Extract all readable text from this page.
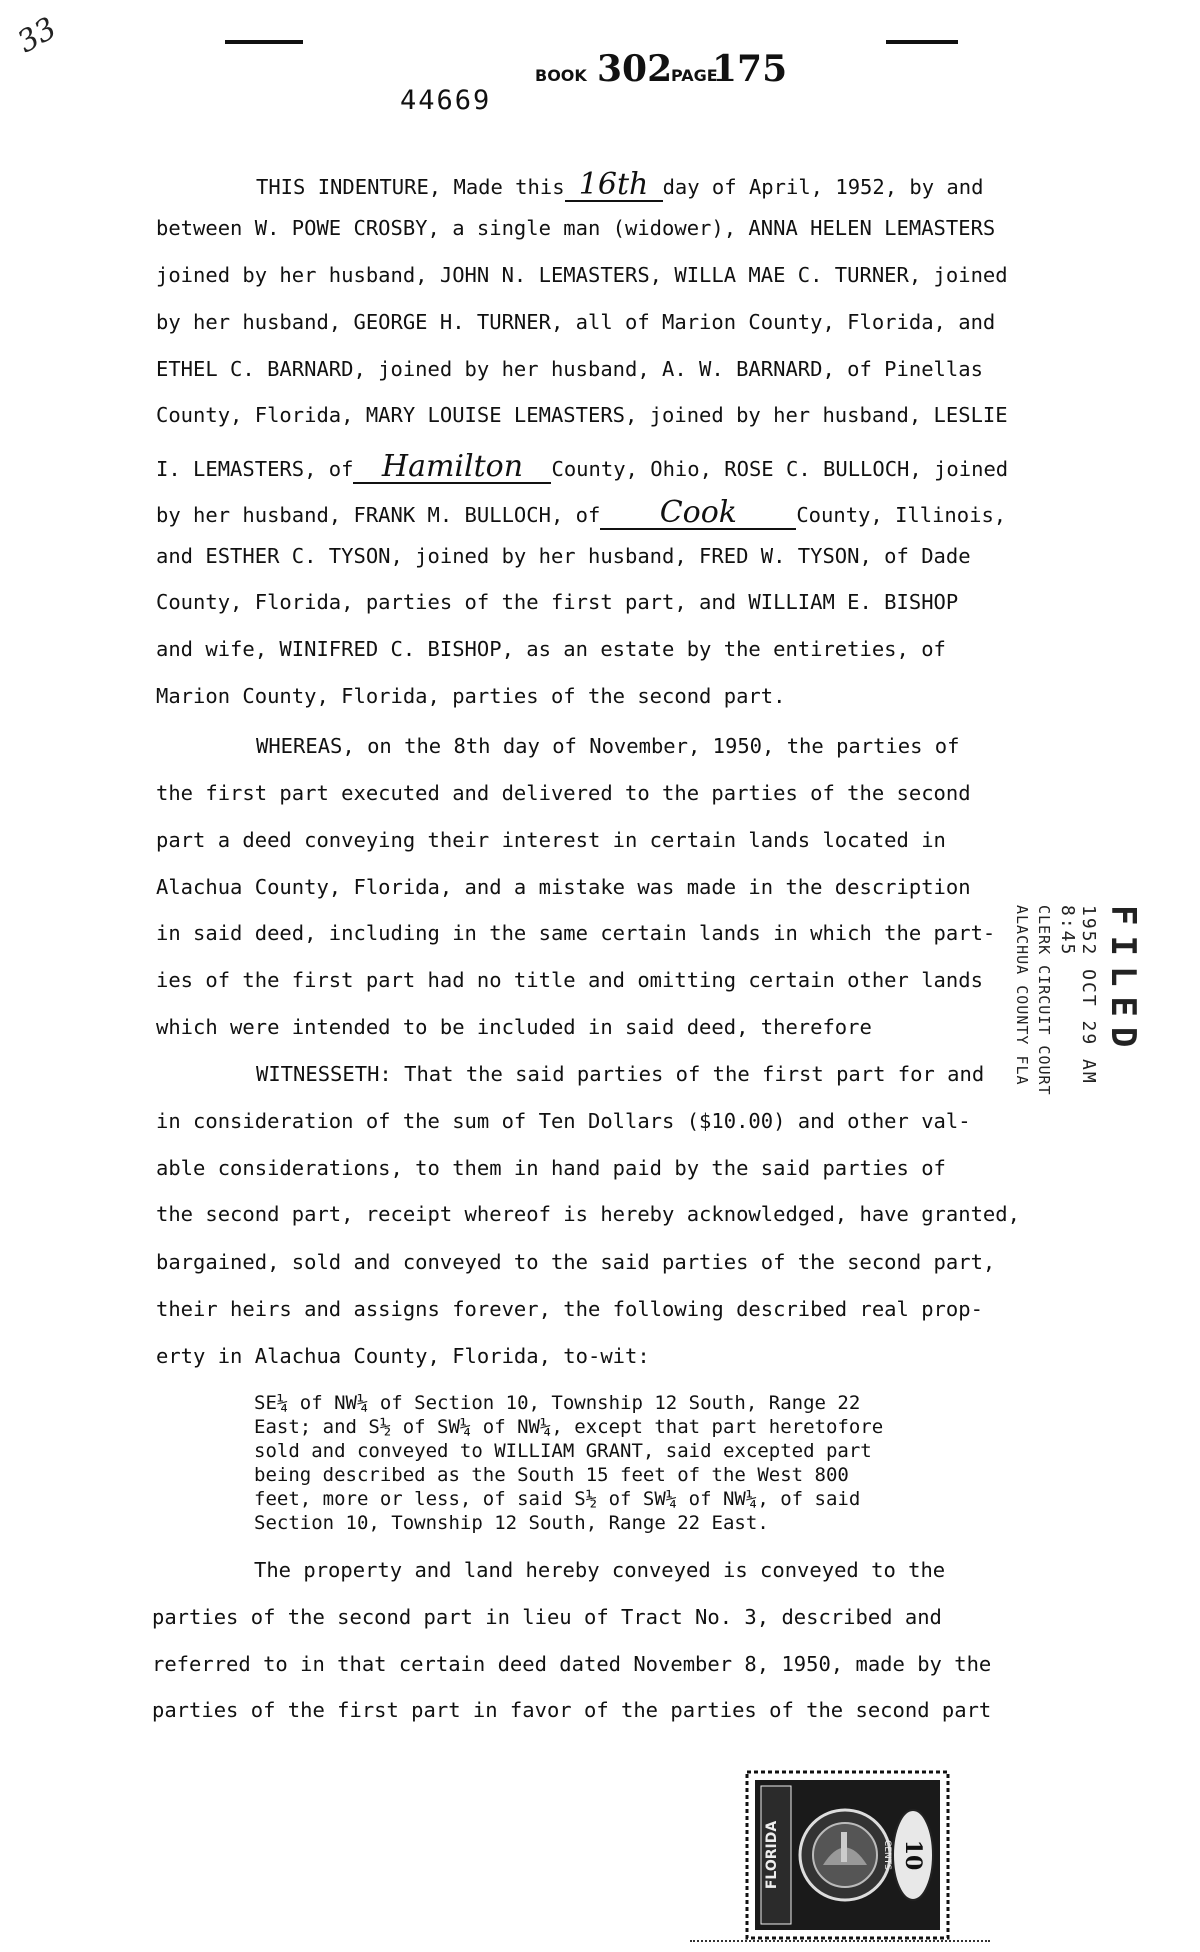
33
44669
BOOK 302
PAGE
175
THIS INDENTURE, Made this 16th day of April, 1952, by and
between W. POWE CROSBY, a single man (widower), ANNA HELEN LEMASTERS
joined by her husband, JOHN N. LEMASTERS, WILLA MAE C. TURNER, joined
by her husband, GEORGE H. TURNER, all of Marion County, Florida, and
ETHEL C. BARNARD, joined by her husband, A. W. BARNARD, of Pinellas
County, Florida, MARY LOUISE LEMASTERS, joined by her husband, LESLIE
I. LEMASTERS, of Hamilton County, Ohio, ROSE C. BULLOCH, joined
by her husband, FRANK M. BULLOCH, of Cook	County, Illinois,
and ESTHER C. TYSON, joined by her husband, FRED W. TYSON, of Dade
County, Florida, parties of the first part, and WILLIAM E. BISHOP
and wife, WINIFRED C. BISHOP, as an estate by the entireties, of
Marion County, Florida, parties of the second part.
WHEREAS, on the 8th day of November, 1950, the parties of
the first part executed and delivered to the parties of the second
part a deed conveying their interest in certain lands located in
Alachua County, Florida, and a mistake was made in the description
in said deed, including in the same certain lands in which the part-
ies of the first part had no title and omitting certain other lands
which were intended to be included in said deed, therefore
WITNESSETH: That the said parties of the first part for and
in consideration of the sum of Ten Dollars ($10.00) and other val-
able considerations, to them in hand paid by the said parties of
the second part, receipt whereof is hereby acknowledged, have granted,
bargained, sold and conveyed to the said parties of the second part,
their heirs and assigns forever, the following described real prop-
erty in Alachua County, Florida, to-wit:
SE¼ of NW¼ of Section 10, Township 12 South, Range 22
East; and S½ of SW¼ of NW¼, except that part heretofore
sold and conveyed to WILLIAM GRANT, said excepted part
being described as the South 15 feet of the West 800
feet, more or less, of said S½ of SW¼ of NW¼, of said
Section 10, Township 12 South, Range 22 East.
The property and land hereby conveyed is conveyed to the
parties of the second part in lieu of Tract No. 3, described and
referred to in that certain deed dated November 8, 1950, made by the
parties of the first part in favor of the parties of the second part
FILED
1952 OCT 29 AM 8:45
CLERK CIRCUIT COURT
ALACHUA COUNTY FLA
FLORIDA	10
CENTS
